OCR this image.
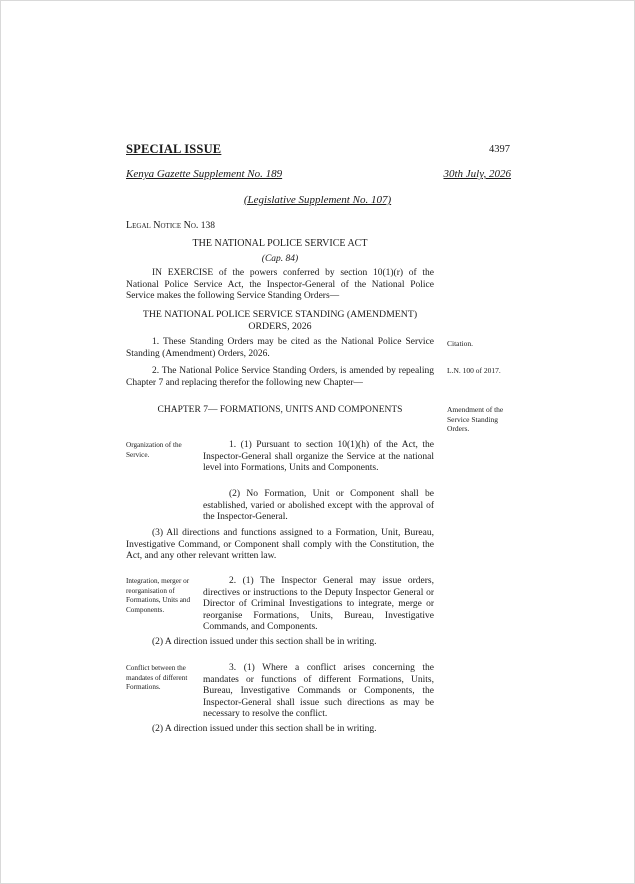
SPECIAL ISSUE	4397
Kenya Gazette Supplement No. 189	30th July, 2026
(Legislative Supplement No. 107)
Legal Notice No. 138
THE NATIONAL POLICE SERVICE ACT
(Cap. 84)
IN EXERCISE of the powers conferred by section 10(1)(r) of the National Police Service Act, the Inspector-General of the National Police Service makes the following Service Standing Orders—
THE NATIONAL POLICE SERVICE STANDING (AMENDMENT) ORDERS, 2026
1. These Standing Orders may be cited as the National Police Service Standing (Amendment) Orders, 2026.
Citation.
2. The National Police Service Standing Orders, is amended by repealing Chapter 7 and replacing therefor the following new Chapter—
L.N. 100 of 2017.
CHAPTER 7— FORMATIONS, UNITS AND COMPONENTS	Amendment of the Service Standing Orders.
Organization of the Service.
1. (1) Pursuant to section 10(1)(h) of the Act, the Inspector-General shall organize the Service at the national level into Formations, Units and Components.
(2) No Formation, Unit or Component shall be established, varied or abolished except with the approval of the Inspector-General.
(3) All directions and functions assigned to a Formation, Unit, Bureau, Investigative Command, or Component shall comply with the Constitution, the Act, and any other relevant written law.
Integration, merger or reorganisation of Formations, Units and Components.
2. (1) The Inspector General may issue orders, directives or instructions to the Deputy Inspector General or Director of Criminal Investigations to integrate, merge or reorganise Formations, Units, Bureau, Investigative Commands, and Components.
(2) A direction issued under this section shall be in writing.
Conflict between the mandates of different Formations.
3. (1) Where a conflict arises concerning the mandates or functions of different Formations, Units, Bureau, Investigative Commands or Components, the Inspector-General shall issue such directions as may be necessary to resolve the conflict.
(2) A direction issued under this section shall be in writing.
